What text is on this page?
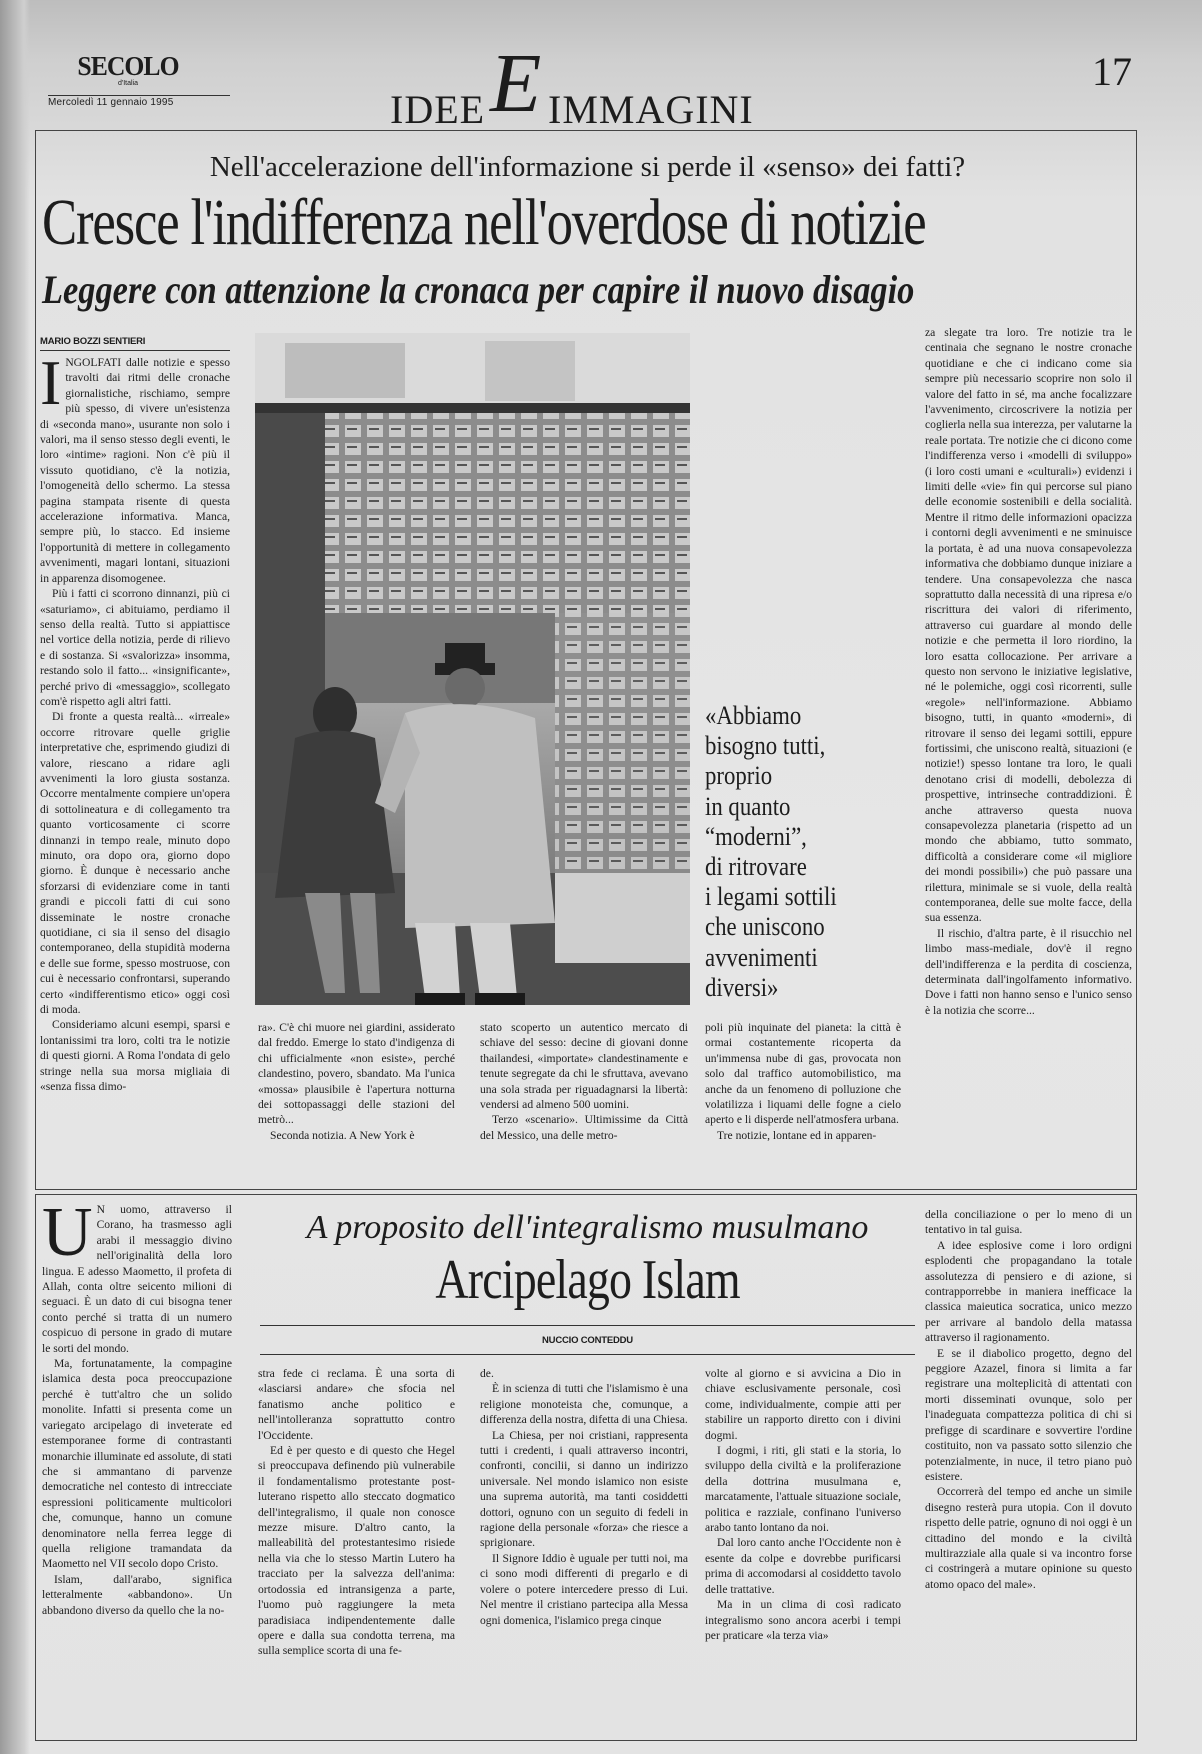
SECOLO
d'Italia
Mercoledì 11 gennaio 1995	IDEE E IMMAGINI
17
Nell'accelerazione dell'informazione si perde il «senso» dei fatti?
Cresce l'indifferenza nell'overdose di notizie
Leggere con attenzione la cronaca per capire il nuovo disagio
MARIO BOZZI SENTIERI
I NGOLFATI dalle notizie e spesso travolti dai ritmi delle cronache giornalistiche, rischiamo, sempre più spesso, di vivere un'esistenza di «seconda mano», usurante non solo i valori, ma il senso stesso degli eventi, le loro «intime» ragioni. Non c'è più il vissuto quotidiano, c'è la notizia, l'omogeneità dello schermo. La stessa pagina stampata risente di questa accelerazione informativa. Manca, sempre più, lo stacco. Ed insieme l'opportunità di mettere in collegamento avvenimenti, magari lontani, situazioni in apparenza disomogenee.

Più i fatti ci scorrono dinnanzi, più ci «saturiamo», ci abituiamo, perdiamo il senso della realtà. Tutto si appiattisce nel vortice della notizia, perde di rilievo e di sostanza. Si «svalorizza» insomma, restando solo il fatto... «insignificante», perché privo di «messaggio», scollegato com'è rispetto agli altri fatti.

Di fronte a questa realtà... «irreale» occorre ritrovare quelle griglie interpretative che, esprimendo giudizi di valore, riescano a ridare agli avvenimenti la loro giusta sostanza. Occorre mentalmente compiere un'opera di sottolineatura e di collegamento tra quanto vorticosamente ci scorre dinnanzi in tempo reale, minuto dopo minuto, ora dopo ora, giorno dopo giorno. È dunque è necessario anche sforzarsi di evidenziare come in tanti grandi e piccoli fatti di cui sono disseminate le nostre cronache quotidiane, ci sia il senso del disagio contemporaneo, della stupidità moderna e delle sue forme, spesso mostruose, con cui è necessario confrontarsi, superando certo «indifferentismo etico» oggi così di moda.

Consideriamo alcuni esempi, sparsi e lontanissimi tra loro, colti tra le notizie di questi giorni. A Roma l'ondata di gelo stringe nella sua morsa migliaia di «senza fissa dimo-

«Abbiamo
bisogno tutti,
proprio
in quanto
“moderni”,
di ritrovare
i legami sottili
che uniscono
avvenimenti
diversi»

ra». C'è chi muore nei giardini, assiderato dal freddo. Emerge lo stato d'indigenza di chi ufficialmente «non esiste», perché clandestino, povero, sbandato. Ma l'unica «mossa» plausibile è l'apertura notturna dei sottopassaggi delle stazioni del metrò...

Seconda notizia. A New York è

stato scoperto un autentico mercato di schiave del sesso: decine di giovani donne thailandesi, «importate» clandestinamente e tenute segregate da chi le sfruttava, avevano una sola strada per riguadagnarsi la libertà: vendersi ad almeno 500 uomini.

Terzo «scenario». Ultimissime da Città del Messico, una delle metro-

poli più inquinate del pianeta: la città è ormai costantemente ricoperta da un'immensa nube di gas, provocata non solo dal traffico automobilistico, ma anche da un fenomeno di polluzione che volatilizza i liquami delle fogne a cielo aperto e li disperde nell'atmosfera urbana.

Tre notizie, lontane ed in apparen-

za slegate tra loro. Tre notizie tra le centinaia che segnano le nostre cronache quotidiane e che ci indicano come sia sempre più necessario scoprire non solo il valore del fatto in sé, ma anche focalizzare l'avvenimento, circoscrivere la notizia per coglierla nella sua interezza, per valutarne la reale portata. Tre notizie che ci dicono come l'indifferenza verso i «modelli di sviluppo» (i loro costi umani e «culturali») evidenzi i limiti delle «vie» fin qui percorse sul piano delle economie sostenibili e della socialità. Mentre il ritmo delle informazioni opacizza i contorni degli avvenimenti e ne sminuisce la portata, è ad una nuova consapevolezza informativa che dobbiamo dunque iniziare a tendere. Una consapevolezza che nasca soprattutto dalla necessità di una ripresa e/o riscrittura dei valori di riferimento, attraverso cui guardare al mondo delle notizie e che permetta il loro riordino, la loro esatta collocazione. Per arrivare a questo non servono le iniziative legislative, né le polemiche, oggi così ricorrenti, sulle «regole» nell'informazione. Abbiamo bisogno, tutti, in quanto «moderni», di ritrovare il senso dei legami sottili, eppure fortissimi, che uniscono realtà, situazioni (e notizie!) spesso lontane tra loro, le quali denotano crisi di modelli, debolezza di prospettive, intrinseche contraddizioni. È anche attraverso questa nuova consapevolezza planetaria (rispetto ad un mondo che abbiamo, tutto sommato, difficoltà a considerare come «il migliore dei mondi possibili») che può passare una rilettura, minimale se si vuole, della realtà contemporanea, delle sue molte facce, della sua essenza.

Il rischio, d'altra parte, è il risucchio nel limbo mass-mediale, dov'è il regno dell'indifferenza e la perdita di coscienza, determinata dall'ingolfamento informativo. Dove i fatti non hanno senso e l'unico senso è la notizia che scorre...

U N uomo, attraverso il Corano, ha trasmesso agli arabi il messaggio divino nell'originalità della loro lingua. E adesso Maometto, il profeta di Allah, conta oltre seicento milioni di seguaci. È un dato di cui bisogna tener conto perché si tratta di un numero cospicuo di persone in grado di mutare le sorti del mondo.

Ma, fortunatamente, la compagine islamica desta poca preoccupazione perché è tutt'altro che un solido monolite. Infatti si presenta come un variegato arcipelago di inveterate ed estemporanee forme di contrastanti monarchie illuminate ed assolute, di stati che si ammantano di parvenze democratiche nel contesto di intrecciate espressioni politicamente multicolori che, comunque, hanno un comune denominatore nella ferrea legge di quella religione tramandata da Maometto nel VII secolo dopo Cristo.

Islam, dall'arabo, significa letteralmente «abbandono». Un abbandono diverso da quello che la no-

A proposito dell'integralismo musulmano
Arcipelago Islam
NUCCIO CONTEDDU

stra fede ci reclama. È una sorta di «lasciarsi andare» che sfocia nel fanatismo anche politico e nell'intolleranza soprattutto contro l'Occidente.

Ed è per questo e di questo che Hegel si preoccupava definendo più vulnerabile il fondamentalismo protestante post-luterano rispetto allo steccato dogmatico dell'integralismo, il quale non conosce mezze misure. D'altro canto, la malleabilità del protestantesimo risiede nella via che lo stesso Martin Lutero ha tracciato per la salvezza dell'anima: ortodossia ed intransigenza a parte, l'uomo può raggiungere la meta paradisiaca indipendentemente dalle opere e dalla sua condotta terrena, ma sulla semplice scorta di una fe-

de.

È in scienza di tutti che l'islamismo è una religione monoteista che, comunque, a differenza della nostra, difetta di una Chiesa.

La Chiesa, per noi cristiani, rappresenta tutti i credenti, i quali attraverso incontri, confronti, concilii, si danno un indirizzo universale. Nel mondo islamico non esiste una suprema autorità, ma tanti cosiddetti dottori, ognuno con un seguito di fedeli in ragione della personale «forza» che riesce a sprigionare.

Il Signore Iddio è uguale per tutti noi, ma ci sono modi differenti di pregarlo e di volere o potere intercedere presso di Lui. Nel mentre il cristiano partecipa alla Messa ogni domenica, l'islamico prega cinque

volte al giorno e si avvicina a Dio in chiave esclusivamente personale, così come, individualmente, compie atti per stabilire un rapporto diretto con i divini dogmi.

I dogmi, i riti, gli stati e la storia, lo sviluppo della civiltà e la proliferazione della dottrina musulmana e, marcatamente, l'attuale situazione sociale, politica e razziale, confinano l'universo arabo tanto lontano da noi.

Dal loro canto anche l'Occidente non è esente da colpe e dovrebbe purificarsi prima di accomodarsi al cosiddetto tavolo delle trattative.

Ma in un clima di così radicato integralismo sono ancora acerbi i tempi per praticare «la terza via»

della conciliazione o per lo meno di un tentativo in tal guisa.

A idee esplosive come i loro ordigni esplodenti che propagandano la totale assolutezza di pensiero e di azione, si contrapporrebbe in maniera inefficace la classica maieutica socratica, unico mezzo per arrivare al bandolo della matassa attraverso il ragionamento.

E se il diabolico progetto, degno del peggiore Azazel, finora si limita a far registrare una molteplicità di attentati con morti disseminati ovunque, solo per l'inadeguata compattezza politica di chi si prefigge di scardinare e sovvertire l'ordine costituito, non va passato sotto silenzio che potenzialmente, in nuce, il tetro piano può esistere.

Occorrerà del tempo ed anche un simile disegno resterà pura utopia. Con il dovuto rispetto delle patrie, ognuno di noi oggi è un cittadino del mondo e la civiltà multirazziale alla quale si va incontro forse ci costringerà a mutare opinione su questo atomo opaco del male».
